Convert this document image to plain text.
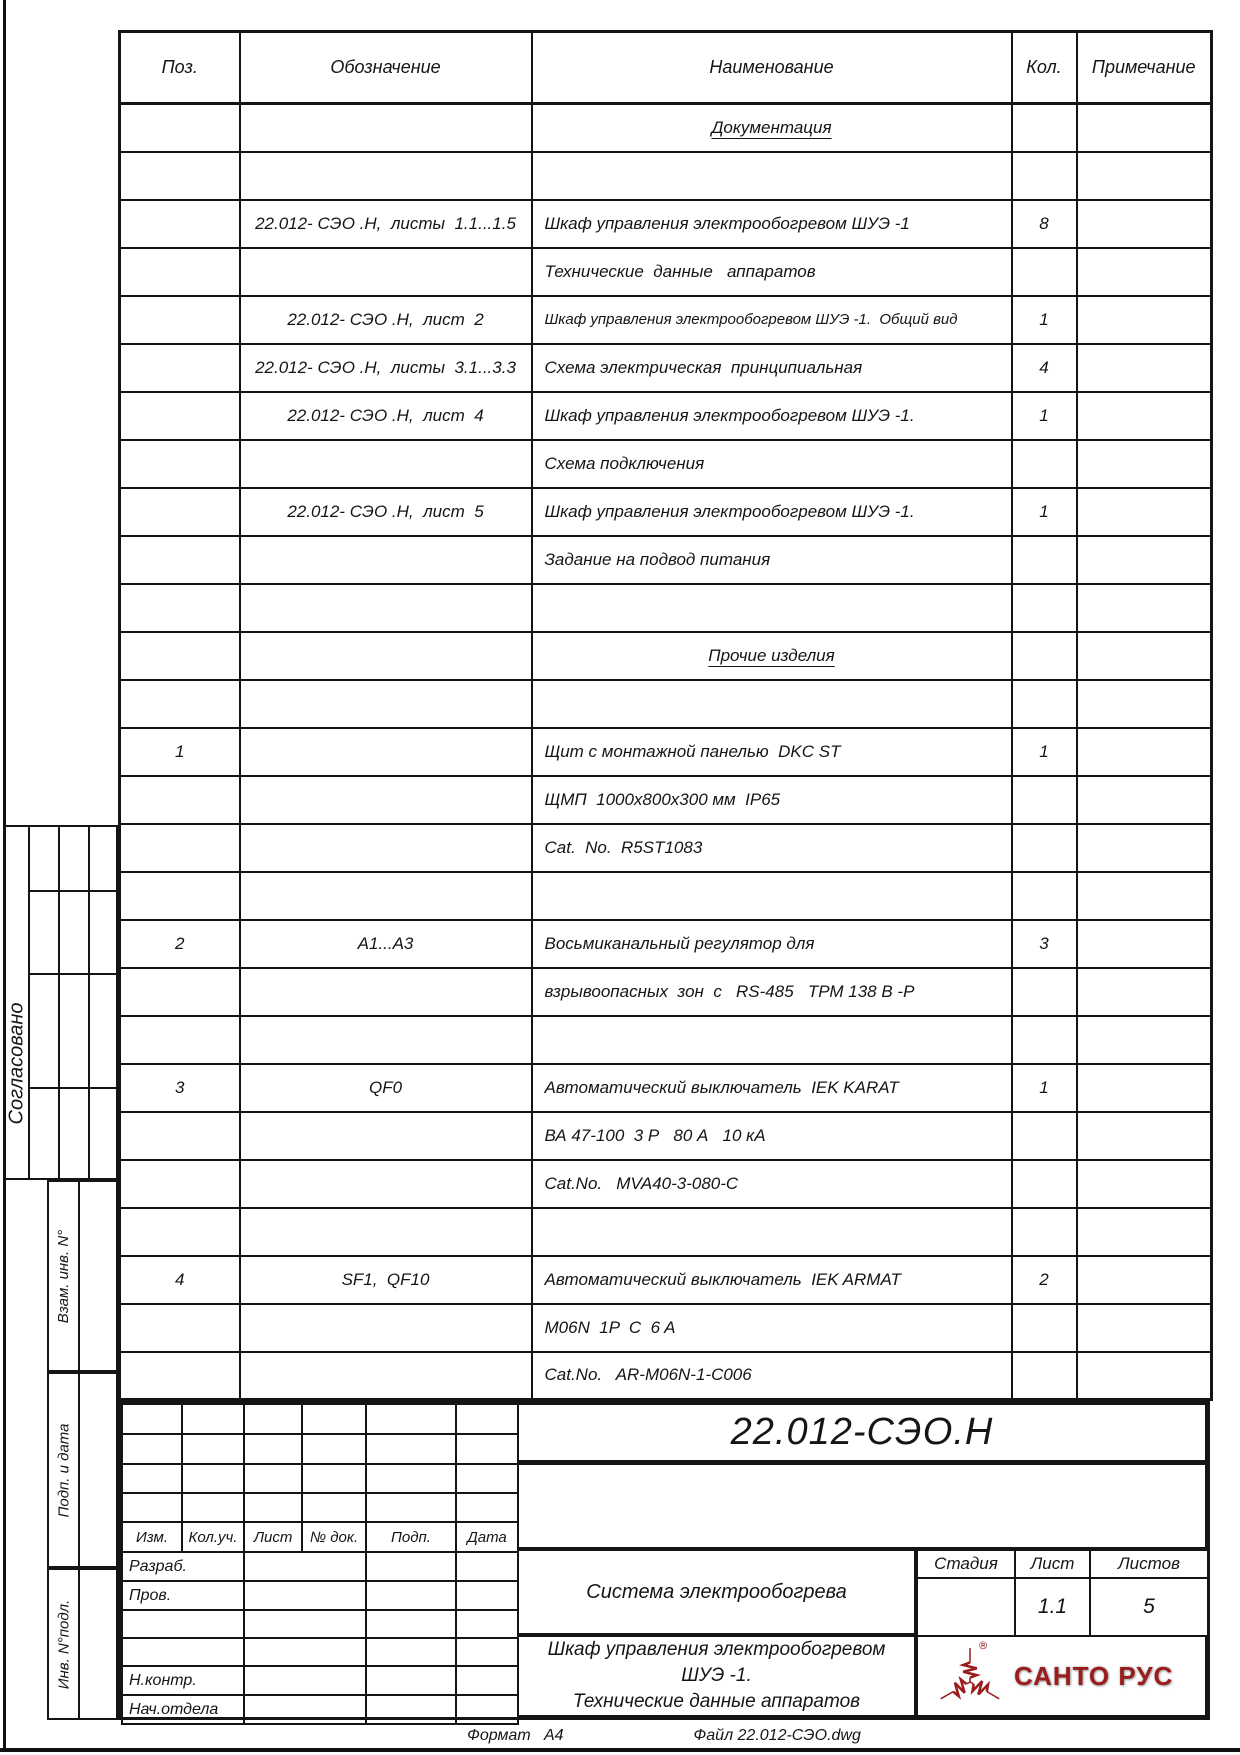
Поз.	Обозначение	Наименование	Кол.	Примечание
		Документация		

	22.012- СЭО .Н,  листы  1.1...1.5	Шкаф управления электрообогревом ШУЭ -1	8	
		Технические  данные   аппаратов		
	22.012- СЭО .Н,  лист  2	Шкаф управления электрообогревом ШУЭ -1.  Общий вид	1	
	22.012- СЭО .Н,  листы  3.1...3.3	Схема электрическая  принципиальная	4	
	22.012- СЭО .Н,  лист  4	Шкаф управления электрообогревом ШУЭ -1.	1	
		Схема подключения		
	22.012- СЭО .Н,  лист  5	Шкаф управления электрообогревом ШУЭ -1.	1	
		Задание на подвод питания		

		Прочие изделия		

1		Щит с монтажной панелью  DKC ST	1	
		ЩМП  1000х800х300 мм  IP65		
		Cat.  No.  R5ST1083		

2	А1...А3	Восьмиканальный регулятор для	3	
		взрывоопасных  зон  с   RS-485   ТРМ 138 В -Р		

3	QF0	Автоматический выключатель  IEK KARAT	1	
		ВА 47-100  3 Р   80 А   10 кА		
		Cat.No.   MVA40-3-080-C		

4	SF1,  QF10	Автоматический выключатель  IEK ARMAT	2	
		M06N  1P  C  6 A		
		Cat.No.   AR-M06N-1-C006		
Согласовано
Взам. инв. N°
Подп. и дата
Инв. N°подл.

Изм.	Кол.уч.	Лист	№ док.	Подп.	Дата
Разраб.					
Пров.					

Н.контр.					
Нач.отдела					
22.012-СЭО.Н
Система электрообогрева
Стадия	Лист	Листов
	1.1	5
Шкаф управления электрообогревом
ШУЭ -1.
Технические данные аппаратов
®
САНТО РУС
Формат   А4	Файл 22.012-СЭО.dwg
